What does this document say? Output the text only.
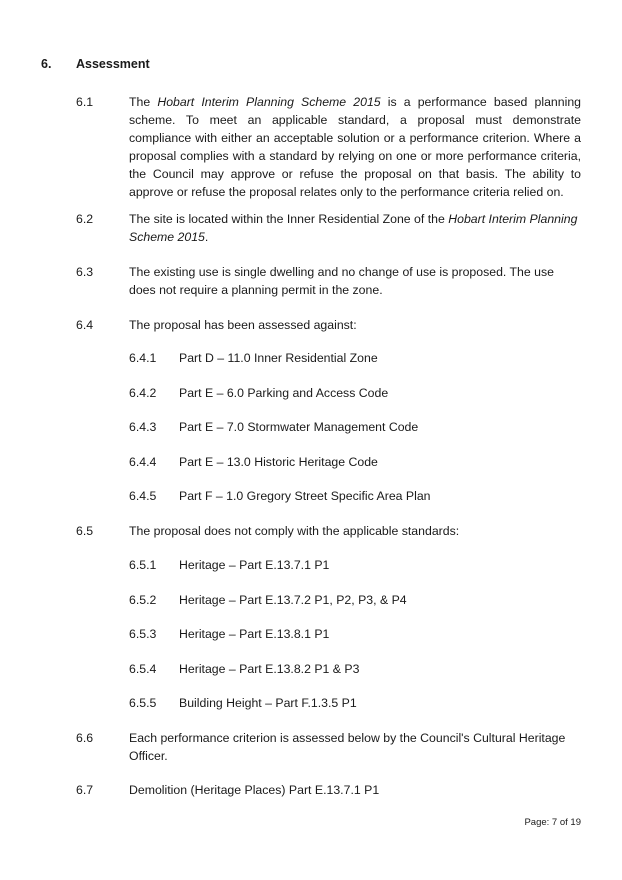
6.	Assessment
6.1	The Hobart Interim Planning Scheme 2015 is a performance based planning scheme. To meet an applicable standard, a proposal must demonstrate compliance with either an acceptable solution or a performance criterion. Where a proposal complies with a standard by relying on one or more performance criteria, the Council may approve or refuse the proposal on that basis. The ability to approve or refuse the proposal relates only to the performance criteria relied on.
6.2	The site is located within the Inner Residential Zone of the Hobart Interim Planning Scheme 2015.
6.3	The existing use is single dwelling and no change of use is proposed. The use does not require a planning permit in the zone.
6.4	The proposal has been assessed against:
6.4.1	Part D – 11.0 Inner Residential Zone
6.4.2	Part E – 6.0 Parking and Access Code
6.4.3	Part E – 7.0 Stormwater Management Code
6.4.4	Part E – 13.0 Historic Heritage Code
6.4.5	Part F – 1.0 Gregory Street Specific Area Plan
6.5	The proposal does not comply with the applicable standards:
6.5.1	Heritage – Part E.13.7.1 P1
6.5.2	Heritage – Part E.13.7.2 P1, P2, P3, & P4
6.5.3	Heritage – Part E.13.8.1 P1
6.5.4	Heritage – Part E.13.8.2 P1 & P3
6.5.5	Building Height – Part F.1.3.5 P1
6.6	Each performance criterion is assessed below by the Council's Cultural Heritage Officer.
6.7	Demolition (Heritage Places) Part E.13.7.1 P1
Page: 7 of 19
